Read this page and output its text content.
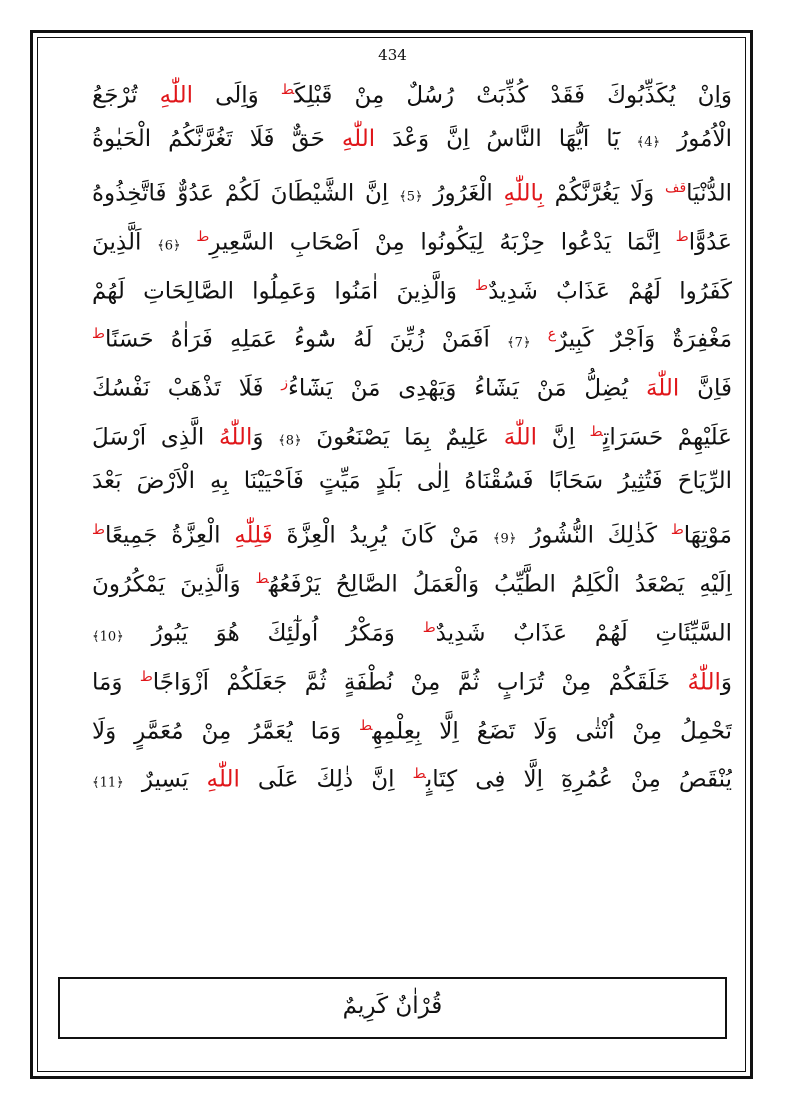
434
وَاِنْ يُكَذِّبُوكَ فَقَدْ كُذِّبَتْ رُسُلٌ مِنْ قَبْلِكَ$^ط$ وَاِلَى اللّٰهِ تُرْجَعُ
الْاُمُورُ ﴿4﴾ يَٓا اَيُّهَا النَّاسُ اِنَّ وَعْدَ اللّٰهِ حَقٌّ فَلَا تَغُرَّنَّكُمُ الْحَيٰوةُ
الدُّنْيَا$^{قف}$ وَلَا يَغُرَّنَّكُمْ بِاللّٰهِ الْغَرُورُ ﴿5﴾ اِنَّ الشَّيْطَانَ لَكُمْ عَدُوٌّ فَاتَّخِذُوهُ
عَدُوًّا$^ط$ اِنَّمَا يَدْعُوا حِزْبَهُ لِيَكُونُوا مِنْ اَصْحَابِ السَّعِيرِ$^ط$ ﴿6﴾ اَلَّذِينَ
كَفَرُوا لَهُمْ عَذَابٌ شَدِيدٌ$^ط$ وَالَّذِينَ اٰمَنُوا وَعَمِلُوا الصَّالِحَاتِ لَهُمْ
مَغْفِرَةٌ وَاَجْرٌ كَبِيرٌ$^ع$ ﴿7﴾ اَفَمَنْ زُيِّنَ لَهُ سُٓوءُ عَمَلِهِ فَرَاٰهُ حَسَنًا$^ط$
فَاِنَّ اللّٰهَ يُضِلُّ مَنْ يَشَٓاءُ وَيَهْدِى مَنْ يَشَٓاءُ$^ز$ فَلَا تَذْهَبْ نَفْسُكَ
عَلَيْهِمْ حَسَرَاتٍ$^ط$ اِنَّ اللّٰهَ عَلِيمٌ بِمَا يَصْنَعُونَ ﴿8﴾ وَاللّٰهُ الَّذِى اَرْسَلَ
الرِّيَاحَ فَتُثِيرُ سَحَابًا فَسُقْنَاهُ اِلٰى بَلَدٍ مَيِّتٍ فَاَحْيَيْنَا بِهِ الْاَرْضَ بَعْدَ
مَوْتِهَا$^ط$ كَذٰلِكَ النُّشُورُ ﴿9﴾ مَنْ كَانَ يُرِيدُ الْعِزَّةَ فَلِلّٰهِ الْعِزَّةُ جَمِيعًا$^ط$
اِلَيْهِ يَصْعَدُ الْكَلِمُ الطَّيِّبُ وَالْعَمَلُ الصَّالِحُ يَرْفَعُهُ$^ط$ وَالَّذِينَ يَمْكُرُونَ
السَّيِّئَاتِ لَهُمْ عَذَابٌ شَدِيدٌ$^ط$ وَمَكْرُ اُولٰٓئِكَ هُوَ يَبُورُ ﴿10﴾
وَاللّٰهُ خَلَقَكُمْ مِنْ تُرَابٍ ثُمَّ مِنْ نُطْفَةٍ ثُمَّ جَعَلَكُمْ اَزْوَاجًا$^ط$ وَمَا
تَحْمِلُ مِنْ اُنْثٰى وَلَا تَضَعُ اِلَّا بِعِلْمِهِ$^ط$ وَمَا يُعَمَّرُ مِنْ مُعَمَّرٍ وَلَا
يُنْقَصُ مِنْ عُمُرِهِٓ اِلَّا فِى كِتَابٍ$^ط$ اِنَّ ذٰلِكَ عَلَى اللّٰهِ يَسِيرٌ ﴿11﴾
قُرْاٰنٌ كَرِيمٌ
